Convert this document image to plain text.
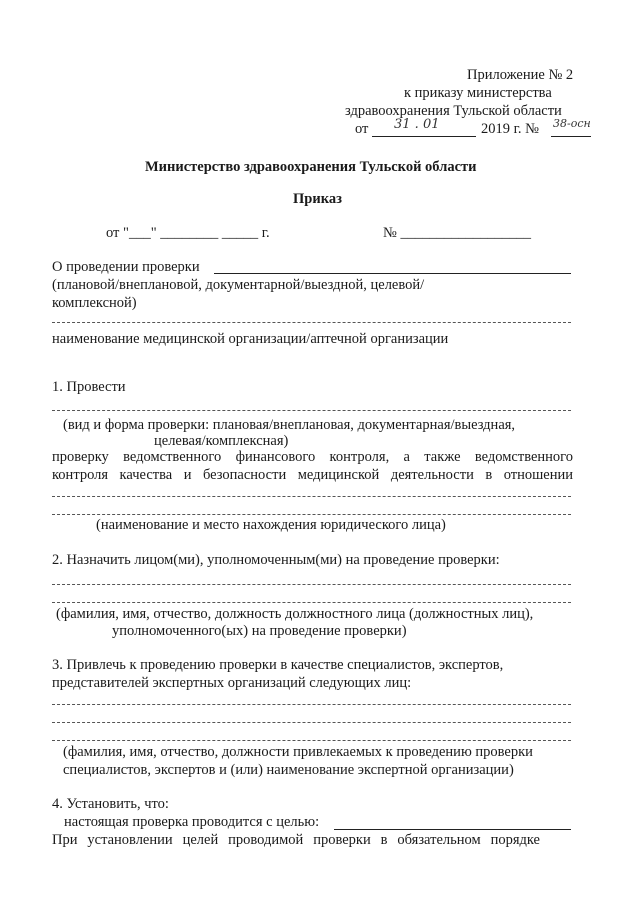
Приложение № 2
к приказу министерства
здравоохранения Тульской области
от 31 . 01	2019 г. № 38-осн
Министерство здравоохранения Тульской области
Приказ
от "___" ________ _____ г.	№ __________________
О проведении проверки
(плановой/внеплановой, документарной/выездной, целевой/
комплексной)
наименование медицинской организации/аптечной организации
1. Провести
(вид и форма проверки: плановая/внеплановая, документарная/выездная,
целевая/комплексная)
проверку ведомственного финансового контроля, а также ведомственного
контроля качества и безопасности медицинской деятельности в отношении
(наименование и место нахождения юридического лица)
2. Назначить лицом(ми), уполномоченным(ми) на проведение проверки:
(фамилия, имя, отчество, должность должностного лица (должностных лиц),
уполномоченного(ых) на проведение проверки)
3. Привлечь к проведению проверки в качестве специалистов, экспертов,
представителей экспертных организаций следующих лиц:
(фамилия, имя, отчество, должности привлекаемых к проведению проверки
специалистов, экспертов и (или) наименование экспертной организации)
4. Установить, что:
настоящая проверка проводится с целью:
При установлении целей проводимой проверки в обязательном порядке
